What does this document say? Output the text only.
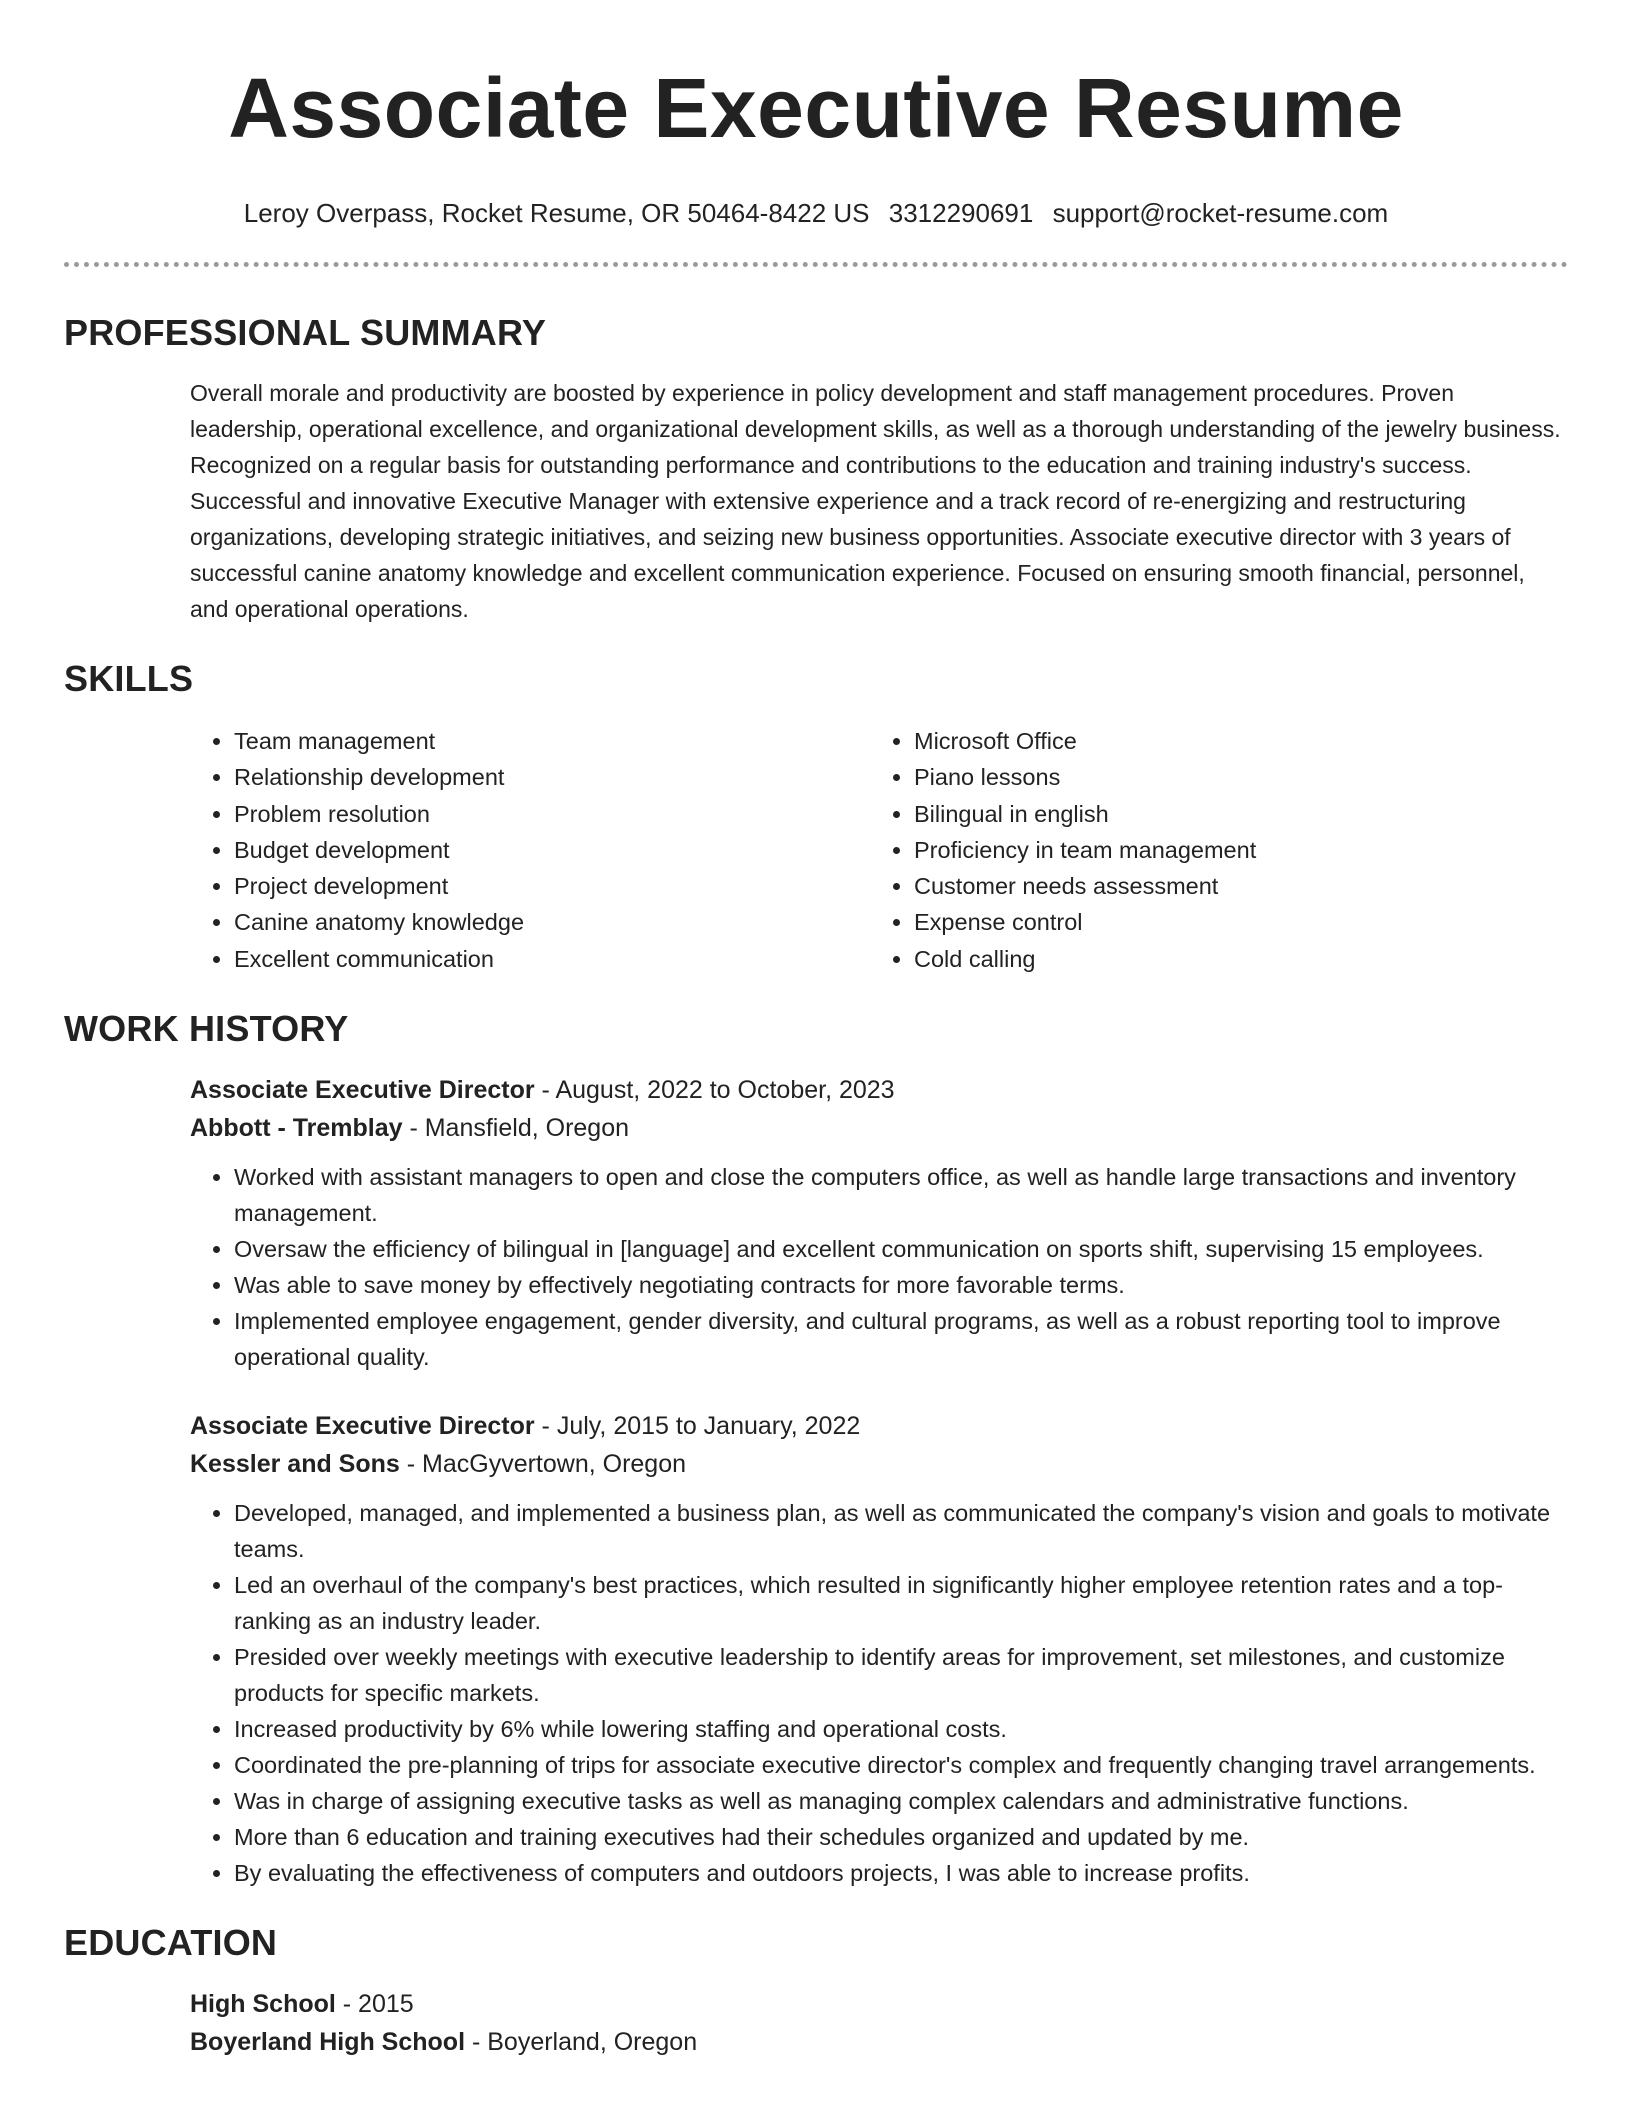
Associate Executive Resume
Leroy Overpass, Rocket Resume, OR 50464-8422 US 3312290691 support@rocket-resume.com
PROFESSIONAL SUMMARY

Overall morale and productivity are boosted by experience in policy development and staff management procedures. Proven leadership, operational excellence, and organizational development skills, as well as a thorough understanding of the jewelry business. Recognized on a regular basis for outstanding performance and contributions to the education and training industry's success. Successful and innovative Executive Manager with extensive experience and a track record of re-energizing and restructuring organizations, developing strategic initiatives, and seizing new business opportunities. Associate executive director with 3 years of successful canine anatomy knowledge and excellent communication experience. Focused on ensuring smooth financial, personnel, and operational operations.

SKILLS
• Team management
• Relationship development
• Problem resolution
• Budget development
• Project development
• Canine anatomy knowledge
• Excellent communication
• Microsoft Office
• Piano lessons
• Bilingual in english
• Proficiency in team management
• Customer needs assessment
• Expense control
• Cold calling
WORK HISTORY
Associate Executive Director - August, 2022 to October, 2023
Abbott - Tremblay - Mansfield, Oregon
• Worked with assistant managers to open and close the computers office, as well as handle large transactions and inventory management.
• Oversaw the efficiency of bilingual in [language] and excellent communication on sports shift, supervising 15 employees.
• Was able to save money by effectively negotiating contracts for more favorable terms.
• Implemented employee engagement, gender diversity, and cultural programs, as well as a robust reporting tool to improve operational quality.
Associate Executive Director - July, 2015 to January, 2022
Kessler and Sons - MacGyvertown, Oregon
• Developed, managed, and implemented a business plan, as well as communicated the company's vision and goals to motivate teams.
• Led an overhaul of the company's best practices, which resulted in significantly higher employee retention rates and a top-ranking as an industry leader.
• Presided over weekly meetings with executive leadership to identify areas for improvement, set milestones, and customize products for specific markets.
• Increased productivity by 6% while lowering staffing and operational costs.
• Coordinated the pre-planning of trips for associate executive director's complex and frequently changing travel arrangements.
• Was in charge of assigning executive tasks as well as managing complex calendars and administrative functions.
• More than 6 education and training executives had their schedules organized and updated by me.
• By evaluating the effectiveness of computers and outdoors projects, I was able to increase profits.
EDUCATION
High School - 2015
Boyerland High School - Boyerland, Oregon
